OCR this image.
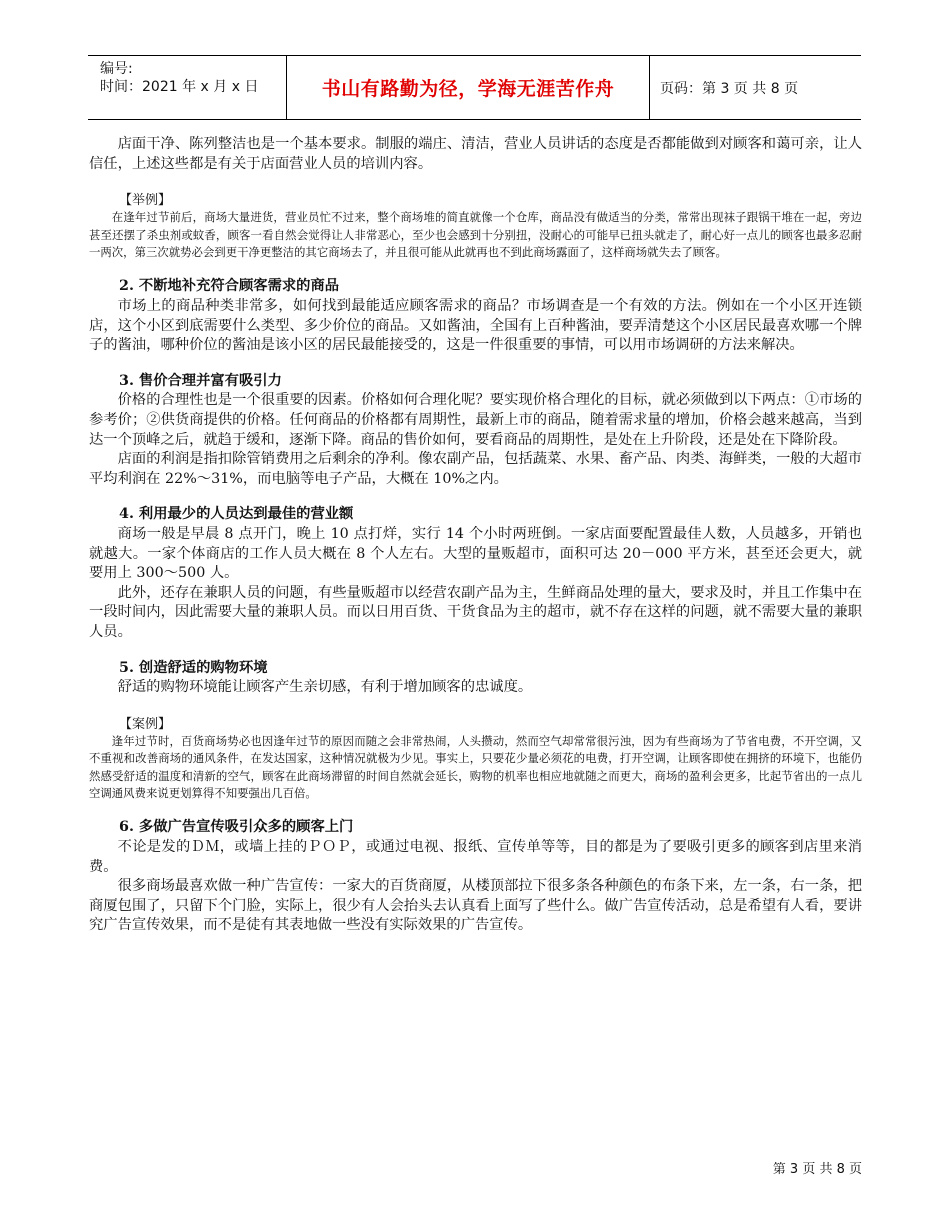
编号:
时间：2021 年 x 月 x 日	书山有路勤为径，学海无涯苦作舟	页码：第 3 页 共 8 页

店面干净、陈列整洁也是一个基本要求。制服的端庄、清洁，营业人员讲话的态度是否都能做到对顾客和蔼可亲，让人信任，上述这些都是有关于店面营业人员的培训内容。

【举例】

在逢年过节前后，商场大量进货，营业员忙不过来，整个商场堆的简直就像一个仓库，商品没有做适当的分类，常常出现袜子跟锅干堆在一起，旁边甚至还摆了杀虫剂或蚊香，顾客一看自然会觉得让人非常恶心，至少也会感到十分别扭，没耐心的可能早已扭头就走了，耐心好一点儿的顾客也最多忍耐一两次，第三次就势必会到更干净更整洁的其它商场去了，并且很可能从此就再也不到此商场露面了，这样商场就失去了顾客。

2. 不断地补充符合顾客需求的商品

市场上的商品种类非常多，如何找到最能适应顾客需求的商品？市场调查是一个有效的方法。例如在一个小区开连锁店，这个小区到底需要什么类型、多少价位的商品。又如酱油，全国有上百种酱油，要弄清楚这个小区居民最喜欢哪一个牌子的酱油，哪种价位的酱油是该小区的居民最能接受的，这是一件很重要的事情，可以用市场调研的方法来解决。

3. 售价合理并富有吸引力

价格的合理性也是一个很重要的因素。价格如何合理化呢？要实现价格合理化的目标，就必须做到以下两点：①市场的参考价；②供货商提供的价格。任何商品的价格都有周期性，最新上市的商品，随着需求量的增加，价格会越来越高，当到达一个顶峰之后，就趋于缓和，逐渐下降。商品的售价如何，要看商品的周期性，是处在上升阶段，还是处在下降阶段。

店面的利润是指扣除管销费用之后剩余的净利。像农副产品，包括蔬菜、水果、畜产品、肉类、海鲜类，一般的大超市平均利润在 22%～31%，而电脑等电子产品，大概在 10%之内。

4. 利用最少的人员达到最佳的营业额

商场一般是早晨 8 点开门，晚上 10 点打烊，实行 14 个小时两班倒。一家店面要配置最佳人数，人员越多，开销也就越大。一家个体商店的工作人员大概在 8 个人左右。大型的量贩超市，面积可达 20－000 平方米，甚至还会更大，就要用上 300～500 人。

此外，还存在兼职人员的问题，有些量贩超市以经营农副产品为主，生鲜商品处理的量大，要求及时，并且工作集中在一段时间内，因此需要大量的兼职人员。而以日用百货、干货食品为主的超市，就不存在这样的问题，就不需要大量的兼职人员。

5. 创造舒适的购物环境

舒适的购物环境能让顾客产生亲切感，有利于增加顾客的忠诚度。

【案例】

逢年过节时，百货商场势必也因逢年过节的原因而随之会非常热闹，人头攒动，然而空气却常常很污浊，因为有些商场为了节省电费，不开空调，又不重视和改善商场的通风条件，在发达国家，这种情况就极为少见。事实上，只要花少量必须花的电费，打开空调，让顾客即使在拥挤的环境下，也能仍然感受舒适的温度和清新的空气，顾客在此商场滞留的时间自然就会延长，购物的机率也相应地就随之而更大，商场的盈利会更多，比起节省出的一点儿空调通风费来说更划算得不知要强出几百倍。

6. 多做广告宣传吸引众多的顾客上门

不论是发的ＤＭ，或墙上挂的ＰＯＰ，或通过电视、报纸、宣传单等等，目的都是为了要吸引更多的顾客到店里来消费。

很多商场最喜欢做一种广告宣传：一家大的百货商厦，从楼顶部拉下很多条各种颜色的布条下来，左一条，右一条，把商厦包围了，只留下个门脸，实际上，很少有人会抬头去认真看上面写了些什么。做广告宣传活动，总是希望有人看，要讲究广告宣传效果，而不是徒有其表地做一些没有实际效果的广告宣传。

第 3 页 共 8 页
